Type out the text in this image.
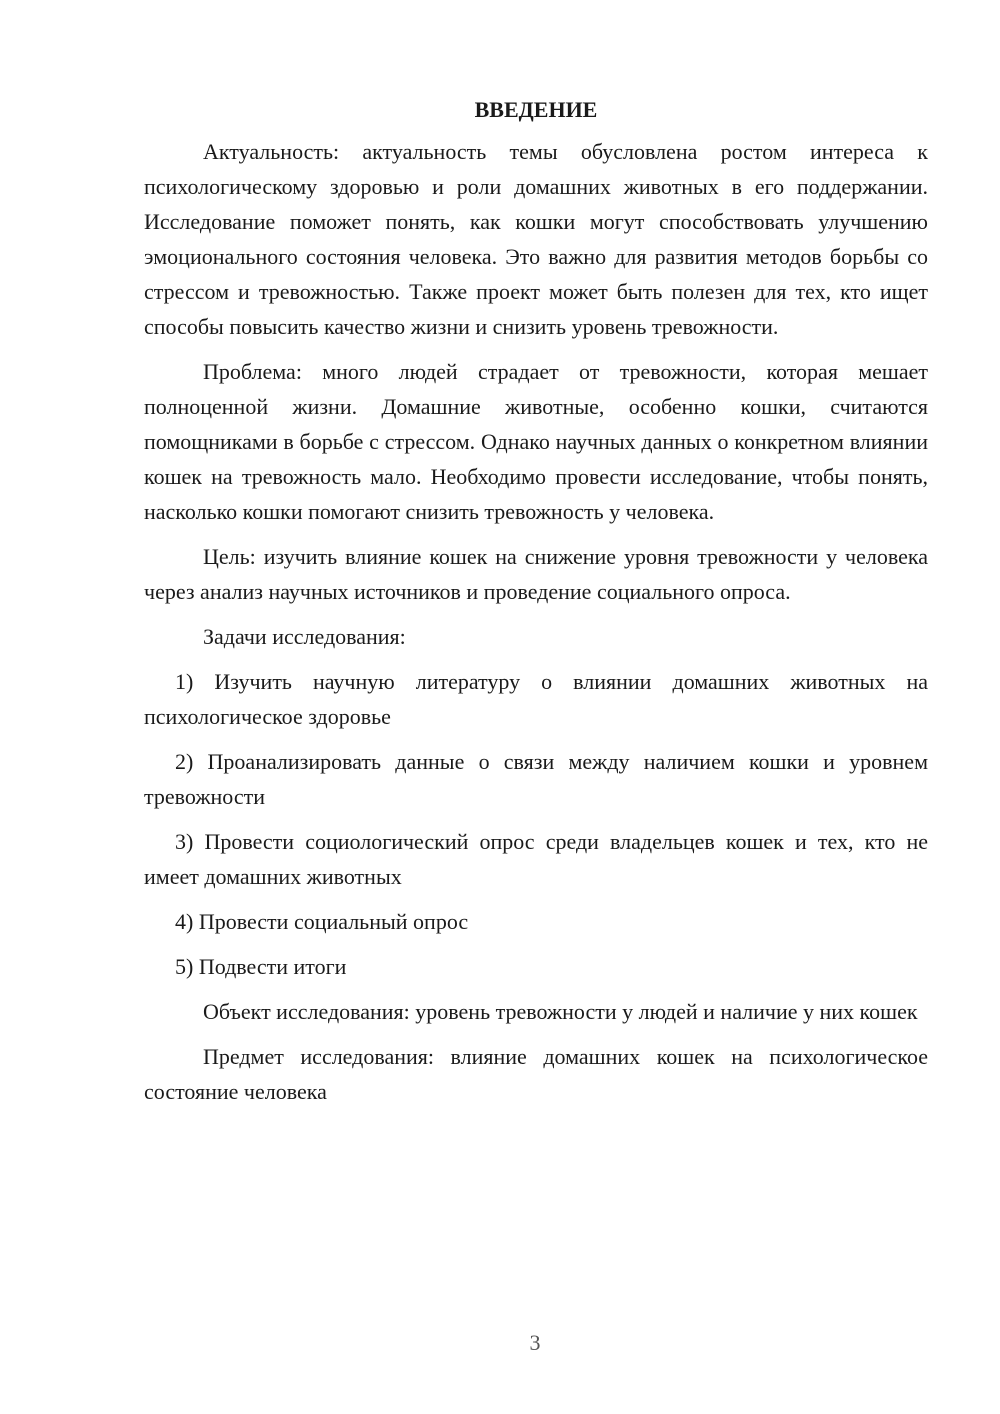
ВВЕДЕНИЕ

Актуальность: актуальность темы обусловлена ростом интереса к психологическому здоровью и роли домашних животных в его поддержании. Исследование поможет понять, как кошки могут способствовать улучшению эмоционального состояния человека. Это важно для развития методов борьбы со стрессом и тревожностью. Также проект может быть полезен для тех, кто ищет способы повысить качество жизни и снизить уровень тревожности.

Проблема: много людей страдает от тревожности, которая мешает полноценной жизни. Домашние животные, особенно кошки, считаются помощниками в борьбе с стрессом. Однако научных данных о конкретном влиянии кошек на тревожность мало. Необходимо провести исследование, чтобы понять, насколько кошки помогают снизить тревожность у человека.

Цель: изучить влияние кошек на снижение уровня тревожности у человека через анализ научных источников и проведение социального опроса.

Задачи исследования:

1) Изучить научную литературу о влиянии домашних животных на психологическое здоровье

2) Проанализировать данные о связи между наличием кошки и уровнем тревожности

3) Провести социологический опрос среди владельцев кошек и тех, кто не имеет домашних животных

4) Провести социальный опрос

5) Подвести итоги

Объект исследования: уровень тревожности у людей и наличие у них кошек

Предмет исследования: влияние домашних кошек на психологическое состояние человека

3
